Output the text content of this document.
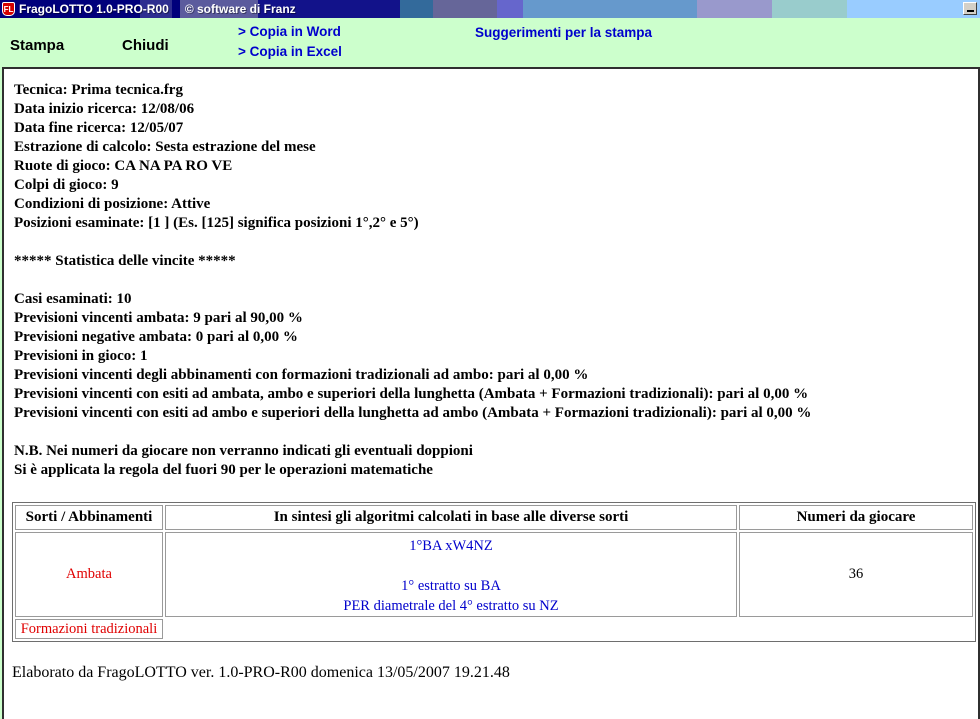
FL FragoLOTTO 1.0-PRO-R00 © software di Franz
Stampa	Chiudi
> Copia in Word
> Copia in Excel
Suggerimenti per la stampa
Tecnica: Prima tecnica.frg
Data inizio ricerca: 12/08/06
Data fine ricerca: 12/05/07
Estrazione di calcolo: Sesta estrazione del mese
Ruote di gioco: CA NA PA RO VE
Colpi di gioco: 9
Condizioni di posizione: Attive
Posizioni esaminate: [1 ] (Es. [125] significa posizioni 1°,2° e 5°)
***** Statistica delle vincite *****
Casi esaminati: 10
Previsioni vincenti ambata: 9 pari al 90,00 %
Previsioni negative ambata: 0 pari al 0,00 %
Previsioni in gioco: 1
Previsioni vincenti degli abbinamenti con formazioni tradizionali ad ambo: pari al 0,00 %
Previsioni vincenti con esiti ad ambata, ambo e superiori della lunghetta (Ambata + Formazioni tradizionali): pari al 0,00 %
Previsioni vincenti con esiti ad ambo e superiori della lunghetta ad ambo (Ambata + Formazioni tradizionali): pari al 0,00 %
N.B. Nei numeri da giocare non verranno indicati gli eventuali doppioni
Si è applicata la regola del fuori 90 per le operazioni matematiche
Sorti / Abbinamenti	In sintesi gli algoritmi calcolati in base alle diverse sorti	Numeri da giocare
Ambata	1°BA xW4NZ
1° estratto su BA
PER diametrale del 4° estratto su NZ	36
Formazioni tradizionali		
Elaborato da FragoLOTTO ver. 1.0-PRO-R00 domenica 13/05/2007 19.21.48
